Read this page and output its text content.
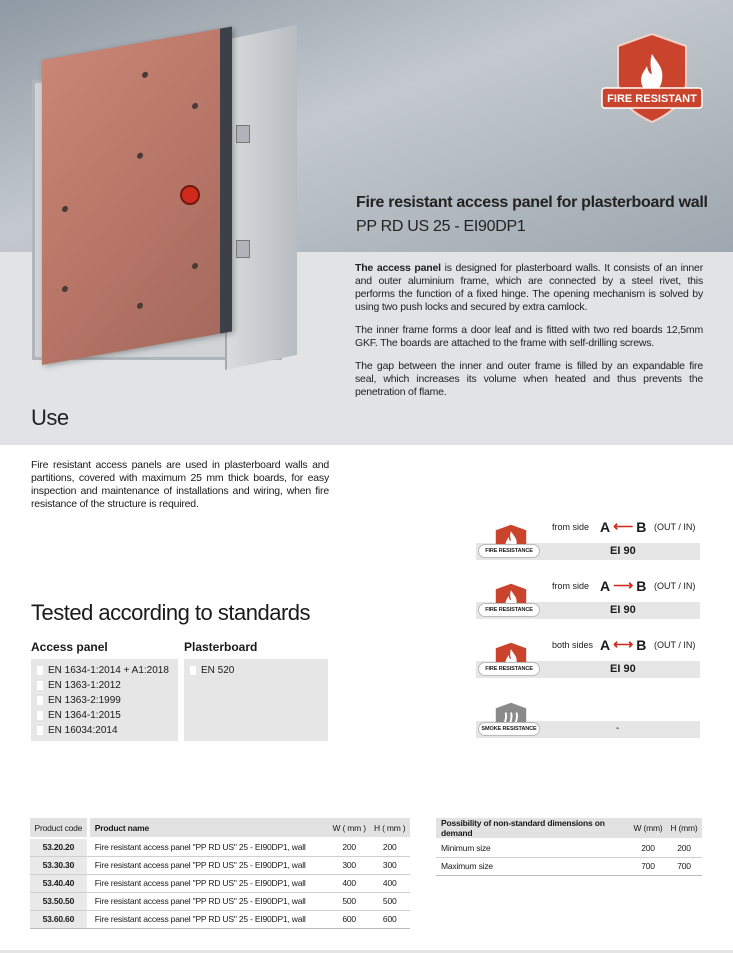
FIRE RESISTANT
Fire resistant access panel for plasterboard wall
PP RD US 25 - EI90DP1

The access panel is designed for plasterboard walls. It consists of an inner and outer aluminium frame, which are connected by a steel rivet, this performs the function of a fixed hinge. The opening mechanism is solved by using two push locks and secured by extra camlock.

The inner frame forms a door leaf and is fitted with two red boards 12,5mm GKF. The boards are attached to the frame with self-drilling screws.

The gap between the inner and outer frame is filled by an expandable fire seal, which increases its volume when heated and thus prevents the penetration of flame.

Use
Fire resistant access panels are used in plasterboard walls and partitions, covered with maximum 25 mm thick boards, for easy inspection and maintenance of installations and wiring, when fire resistance of the structure is required.
FIRE RESISTANCE
from side A ⟵ B (OUT / IN)
EI 90
FIRE RESISTANCE
from side A ⟶ B (OUT / IN)
EI 90
FIRE RESISTANCE
both sides A ⟷ B (OUT / IN)
EI 90
SMOKE RESISTANCE	-
Tested according to standards
Access panel
EN 1634-1:2014 + A1:2018
EN 1363-1:2012
EN 1363-2:1999
EN 1364-1:2015
EN 16034:2014
Plasterboard
EN 520
Product code		Product name	W ( mm )	H ( mm )
53.20.20		Fire resistant access panel "PP RD US" 25 - EI90DP1, wall	200	200
53.30.30		Fire resistant access panel "PP RD US" 25 - EI90DP1, wall	300	300
53.40.40		Fire resistant access panel "PP RD US" 25 - EI90DP1, wall	400	400
53.50.50		Fire resistant access panel "PP RD US" 25 - EI90DP1, wall	500	500
53.60.60		Fire resistant access panel "PP RD US" 25 - EI90DP1, wall	600	600
Possibility of non-standard dimensions on demand	W (mm)	H (mm)
Minimum size	200	200
Maximum size	700	700
